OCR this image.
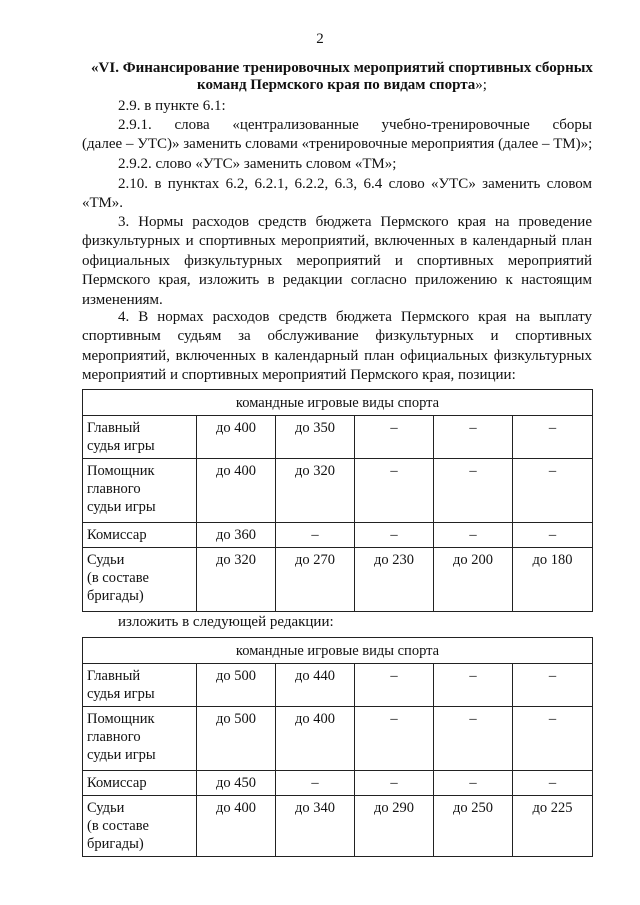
2
«VI. Финансирование тренировочных мероприятий спортивных сборных команд Пермского края по видам спорта»;
2.9. в пункте 6.1:
2.9.1. слова «централизованные учебно-тренировочные сборы
(далее – УТС)» заменить словами «тренировочные мероприятия (далее – ТМ)»;
2.9.2. слово «УТС» заменить словом «ТМ»;
2.10. в пунктах 6.2, 6.2.1, 6.2.2, 6.3, 6.4 слово «УТС» заменить словом
«ТМ».
3. Нормы расходов средств бюджета Пермского края на проведение
физкультурных и спортивных мероприятий, включенных в календарный план
официальных физкультурных мероприятий и спортивных мероприятий
Пермского края, изложить в редакции согласно приложению к настоящим
изменениям.
4. В нормах расходов средств бюджета Пермского края на выплату
спортивным судьям за обслуживание физкультурных и спортивных
мероприятий, включенных в календарный план официальных физкультурных
мероприятий и спортивных мероприятий Пермского края, позиции:
командные игровые виды спорта					
Главный
судья игры	до 400	до 350	–	–	–
Помощник
главного
судьи игры	до 400	до 320	–	–	–
Комиссар	до 360	–	–	–	–
Судьи
(в составе
бригады)	до 320	до 270	до 230	до 200	до 180
изложить в следующей редакции:
командные игровые виды спорта					
Главный
судья игры	до 500	до 440	–	–	–
Помощник
главного
судьи игры	до 500	до 400	–	–	–
Комиссар	до 450	–	–	–	–
Судьи
(в составе
бригады)	до 400	до 340	до 290	до 250	до 225
